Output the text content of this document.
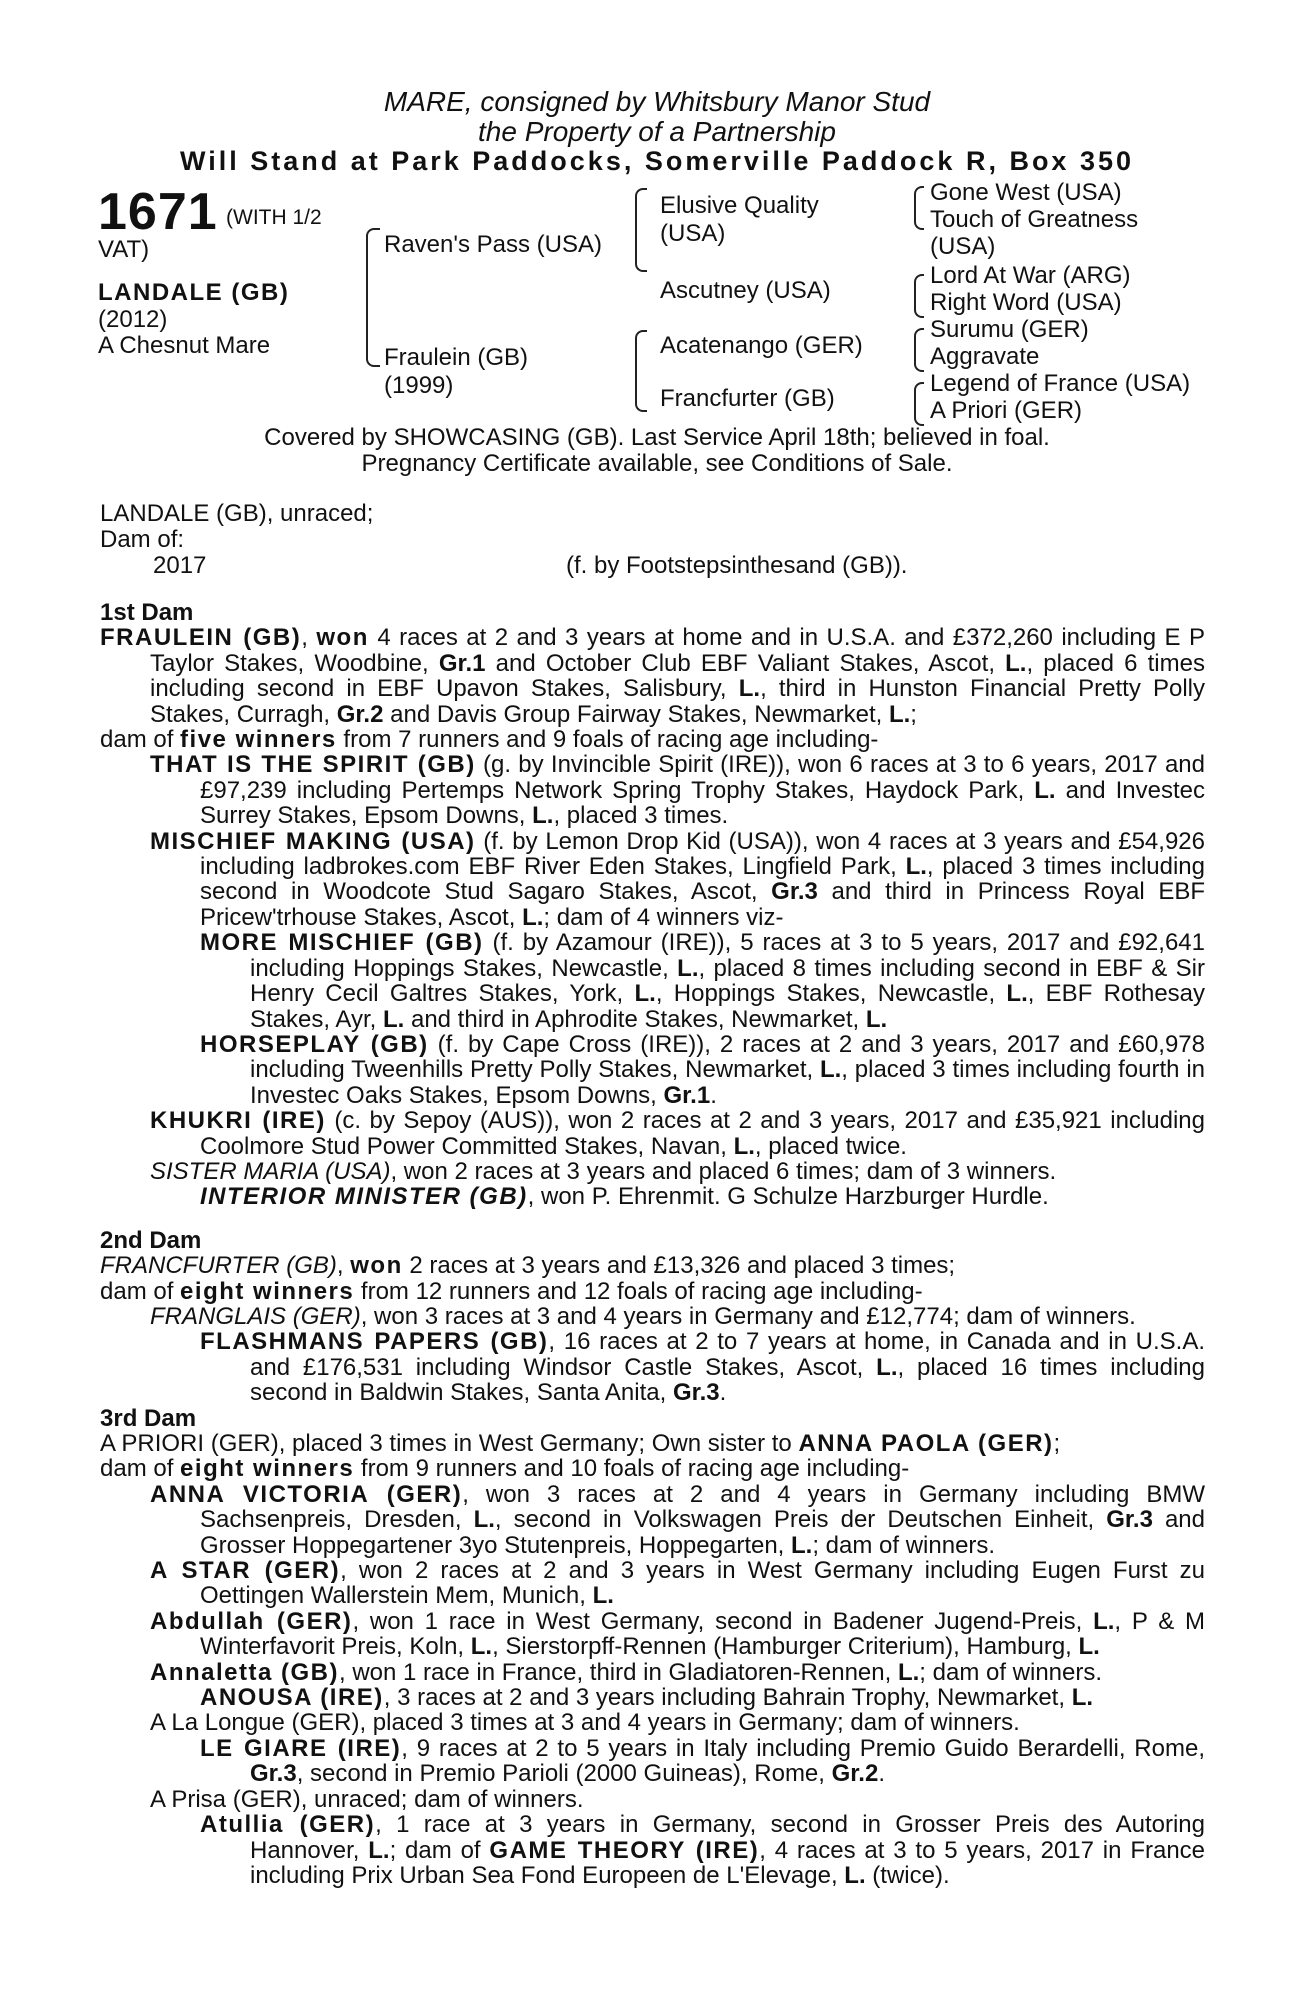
MARE, consigned by Whitsbury Manor Stud
the Property of a Partnership
Will Stand at Park Paddocks, Somerville Paddock R, Box 350
1671 (WITH 1/2
VAT)
LANDALE (GB)
(2012)
A Chesnut Mare
Raven's Pass (USA)
Fraulein (GB)
(1999)
Elusive Quality
(USA)
Ascutney (USA)
Acatenango (GER)
Francfurter (GB)
Gone West (USA)
Touch of Greatness
(USA)
Lord At War (ARG)
Right Word (USA)
Surumu (GER)
Aggravate
Legend of France (USA)
A Priori (GER)
Covered by SHOWCASING (GB). Last Service April 18th; believed in foal.
Pregnancy Certificate available, see Conditions of Sale.
LANDALE (GB), unraced;
Dam of:
2017	(f. by Footstepsinthesand (GB)).
1st Dam
FRAULEIN (GB), won 4 races at 2 and 3 years at home and in U.S.A. and £372,260 including E P Taylor Stakes, Woodbine, Gr.1 and October Club EBF Valiant Stakes, Ascot, L., placed 6 times including second in EBF Upavon Stakes, Salisbury, L., third in Hunston Financial Pretty Polly Stakes, Curragh, Gr.2 and Davis Group Fairway Stakes, Newmarket, L.;
dam of five winners from 7 runners and 9 foals of racing age including-
THAT IS THE SPIRIT (GB) (g. by Invincible Spirit (IRE)), won 6 races at 3 to 6 years, 2017 and £97,239 including Pertemps Network Spring Trophy Stakes, Haydock Park, L. and Investec Surrey Stakes, Epsom Downs, L., placed 3 times.
MISCHIEF MAKING (USA) (f. by Lemon Drop Kid (USA)), won 4 races at 3 years and £54,926 including ladbrokes.com EBF River Eden Stakes, Lingfield Park, L., placed 3 times including second in Woodcote Stud Sagaro Stakes, Ascot, Gr.3 and third in Princess Royal EBF Pricew'trhouse Stakes, Ascot, L.; dam of 4 winners viz-
MORE MISCHIEF (GB) (f. by Azamour (IRE)), 5 races at 3 to 5 years, 2017 and £92,641 including Hoppings Stakes, Newcastle, L., placed 8 times including second in EBF & Sir Henry Cecil Galtres Stakes, York, L., Hoppings Stakes, Newcastle, L., EBF Rothesay Stakes, Ayr, L. and third in Aphrodite Stakes, Newmarket, L.
HORSEPLAY (GB) (f. by Cape Cross (IRE)), 2 races at 2 and 3 years, 2017 and £60,978 including Tweenhills Pretty Polly Stakes, Newmarket, L., placed 3 times including fourth in Investec Oaks Stakes, Epsom Downs, Gr.1.
KHUKRI (IRE) (c. by Sepoy (AUS)), won 2 races at 2 and 3 years, 2017 and £35,921 including Coolmore Stud Power Committed Stakes, Navan, L., placed twice.
SISTER MARIA (USA), won 2 races at 3 years and placed 6 times; dam of 3 winners.
INTERIOR MINISTER (GB), won P. Ehrenmit. G Schulze Harzburger Hurdle.
2nd Dam
FRANCFURTER (GB), won 2 races at 3 years and £13,326 and placed 3 times;
dam of eight winners from 12 runners and 12 foals of racing age including-
FRANGLAIS (GER), won 3 races at 3 and 4 years in Germany and £12,774; dam of winners.
FLASHMANS PAPERS (GB), 16 races at 2 to 7 years at home, in Canada and in U.S.A. and £176,531 including Windsor Castle Stakes, Ascot, L., placed 16 times including second in Baldwin Stakes, Santa Anita, Gr.3.
3rd Dam
A PRIORI (GER), placed 3 times in West Germany; Own sister to ANNA PAOLA (GER);
dam of eight winners from 9 runners and 10 foals of racing age including-
ANNA VICTORIA (GER), won 3 races at 2 and 4 years in Germany including BMW Sachsenpreis, Dresden, L., second in Volkswagen Preis der Deutschen Einheit, Gr.3 and Grosser Hoppegartener 3yo Stutenpreis, Hoppegarten, L.; dam of winners.
A STAR (GER), won 2 races at 2 and 3 years in West Germany including Eugen Furst zu Oettingen Wallerstein Mem, Munich, L.
Abdullah (GER), won 1 race in West Germany, second in Badener Jugend-Preis, L., P & M Winterfavorit Preis, Koln, L., Sierstorpff-Rennen (Hamburger Criterium), Hamburg, L.
Annaletta (GB), won 1 race in France, third in Gladiatoren-Rennen, L.; dam of winners.
ANOUSA (IRE), 3 races at 2 and 3 years including Bahrain Trophy, Newmarket, L.
A La Longue (GER), placed 3 times at 3 and 4 years in Germany; dam of winners.
LE GIARE (IRE), 9 races at 2 to 5 years in Italy including Premio Guido Berardelli, Rome, Gr.3, second in Premio Parioli (2000 Guineas), Rome, Gr.2.
A Prisa (GER), unraced; dam of winners.
Atullia (GER), 1 race at 3 years in Germany, second in Grosser Preis des Autoring Hannover, L.; dam of GAME THEORY (IRE), 4 races at 3 to 5 years, 2017 in France including Prix Urban Sea Fond Europeen de L'Elevage, L. (twice).
